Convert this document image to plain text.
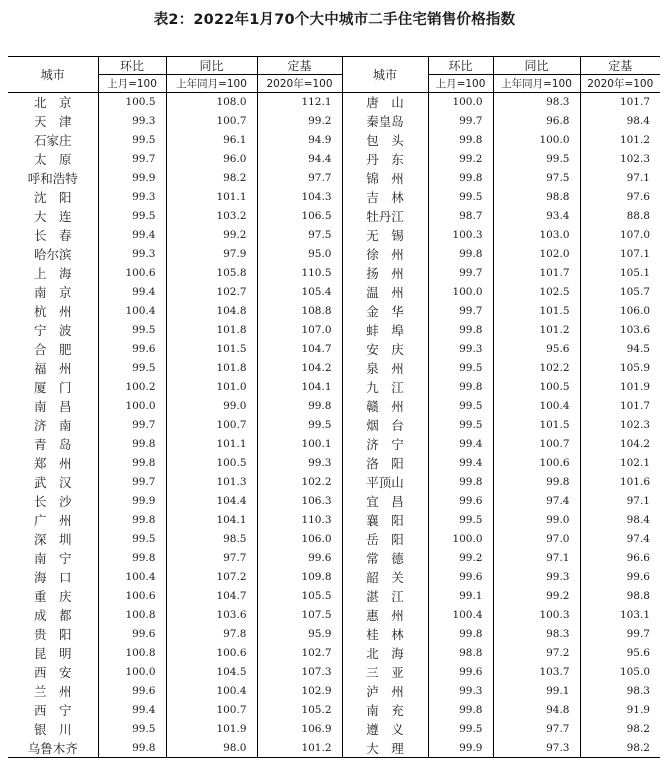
表2：2022年1月70个大中城市二手住宅销售价格指数
城市	环比	同比	定基	城市	环比	同比	定基
	上月=100	上年同月=100	2020年=100		上月=100	上年同月=100	2020年=100
北　京	100.5	108.0	112.1	唐　山	100.0	98.3	101.7
天　津	99.3	100.7	99.2	秦皇岛	99.7	96.8	98.4
石家庄	99.5	96.1	94.9	包　头	99.8	100.0	101.2
太　原	99.7	96.0	94.4	丹　东	99.2	99.5	102.3
呼和浩特	99.9	98.2	97.7	锦　州	99.8	97.5	97.1
沈　阳	99.3	101.1	104.3	吉　林	99.5	98.8	97.6
大　连	99.5	103.2	106.5	牡丹江	98.7	93.4	88.8
长　春	99.4	99.2	97.5	无　锡	100.3	103.0	107.0
哈尔滨	99.3	97.9	95.0	徐　州	99.8	102.0	107.1
上　海	100.6	105.8	110.5	扬　州	99.7	101.7	105.1
南　京	99.4	102.7	105.4	温　州	100.0	102.5	105.7
杭　州	100.4	104.8	108.8	金　华	99.7	101.5	106.0
宁　波	99.5	101.8	107.0	蚌　埠	99.8	101.2	103.6
合　肥	99.6	101.5	104.7	安　庆	99.3	95.6	94.5
福　州	99.5	101.8	104.2	泉　州	99.5	102.2	105.9
厦　门	100.2	101.0	104.1	九　江	99.8	100.5	101.9
南　昌	100.0	99.0	99.8	赣　州	99.5	100.4	101.7
济　南	99.7	100.7	99.5	烟　台	99.5	101.5	102.3
青　岛	99.8	101.1	100.1	济　宁	99.4	100.7	104.2
郑　州	99.8	100.5	99.3	洛　阳	99.4	100.6	102.1
武　汉	99.7	101.3	102.2	平顶山	99.8	99.8	101.6
长　沙	99.9	104.4	106.3	宜　昌	99.6	97.4	97.1
广　州	99.8	104.1	110.3	襄　阳	99.5	99.0	98.4
深　圳	99.5	98.5	106.0	岳　阳	100.0	97.0	97.4
南　宁	99.8	97.7	99.6	常　德	99.2	97.1	96.6
海　口	100.4	107.2	109.8	韶　关	99.6	99.3	99.6
重　庆	100.6	104.7	105.5	湛　江	99.1	99.2	98.8
成　都	100.8	103.6	107.5	惠　州	100.4	100.3	103.1
贵　阳	99.6	97.8	95.9	桂　林	99.8	98.3	99.7
昆　明	100.8	100.6	102.7	北　海	98.8	97.2	95.6
西　安	100.0	104.5	107.3	三　亚	99.6	103.7	105.0
兰　州	99.6	100.4	102.9	泸　州	99.3	99.1	98.3
西　宁	99.4	100.7	105.2	南　充	99.8	94.8	91.9
银　川	99.5	101.9	106.9	遵　义	99.5	97.7	98.2
乌鲁木齐	99.8	98.0	101.2	大　理	99.9	97.3	98.2
